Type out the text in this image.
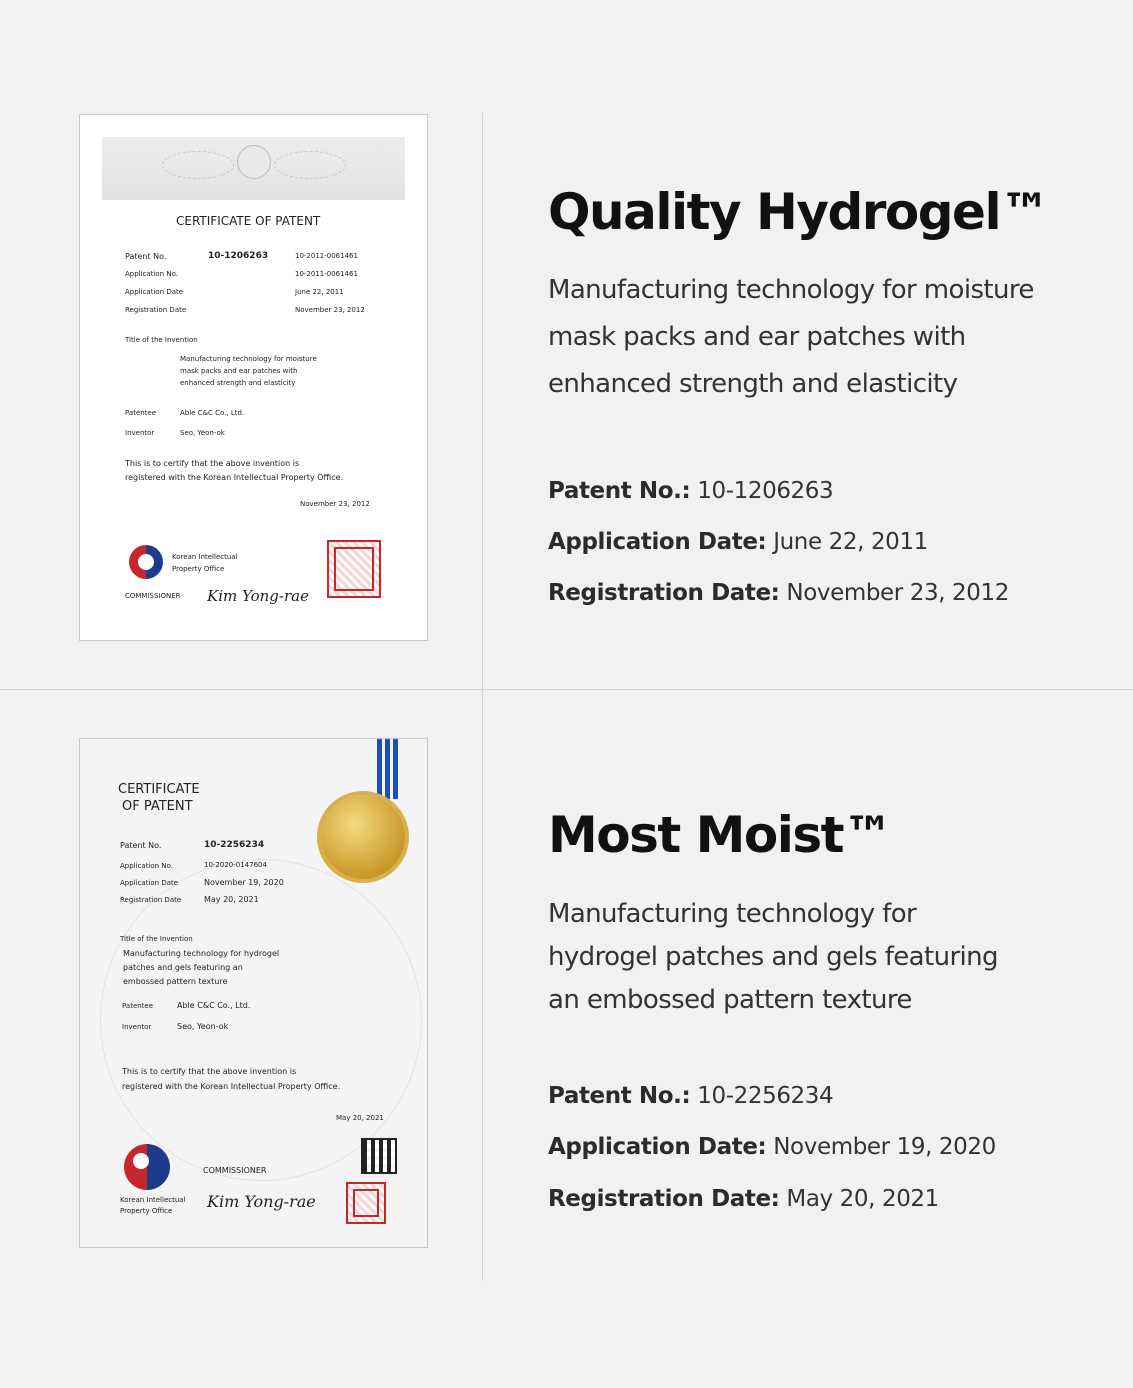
CERTIFICATE OF PATENT
Patent No.	10-1206263	10-2011-0061461
Application No.	10-2011-0061461
Application Date	June 22, 2011
Registration Date	November 23, 2012
Title of the Invention
Manufacturing technology for moisture
mask packs and ear patches with
enhanced strength and elasticity
Patentee	Able C&C Co., Ltd.
Inventor	Seo, Yeon-ok
This is to certify that the above invention is
registered with the Korean Intellectual Property Office.
November 23, 2012
Korean Intellectual
Property Office
COMMISSIONER Kim Yong-rae
CERTIFICATE
OF PATENT
Patent No.	10-2256234
Application No.	10-2020-0147604
Application Date	November 19, 2020
Registration Date	May 20, 2021
Title of the Invention
Manufacturing technology for hydrogel
patches and gels featuring an
embossed pattern texture
Patentee	Able C&C Co., Ltd.
Inventor	Seo, Yeon-ok
This is to certify that the above invention is
registered with the Korean Intellectual Property Office.
May 20, 2021
Korean Intellectual
Property Office
COMMISSIONER
Kim Yong-rae
Quality Hydrogel™
Manufacturing technology for moisture
mask packs and ear patches with
enhanced strength and elasticity
Patent No.: 10-1206263
Application Date: June 22, 2011
Registration Date: November 23, 2012
Most Moist™
Manufacturing technology for
hydrogel patches and gels featuring
an embossed pattern texture
Patent No.: 10-2256234
Application Date: November 19, 2020
Registration Date: May 20, 2021
